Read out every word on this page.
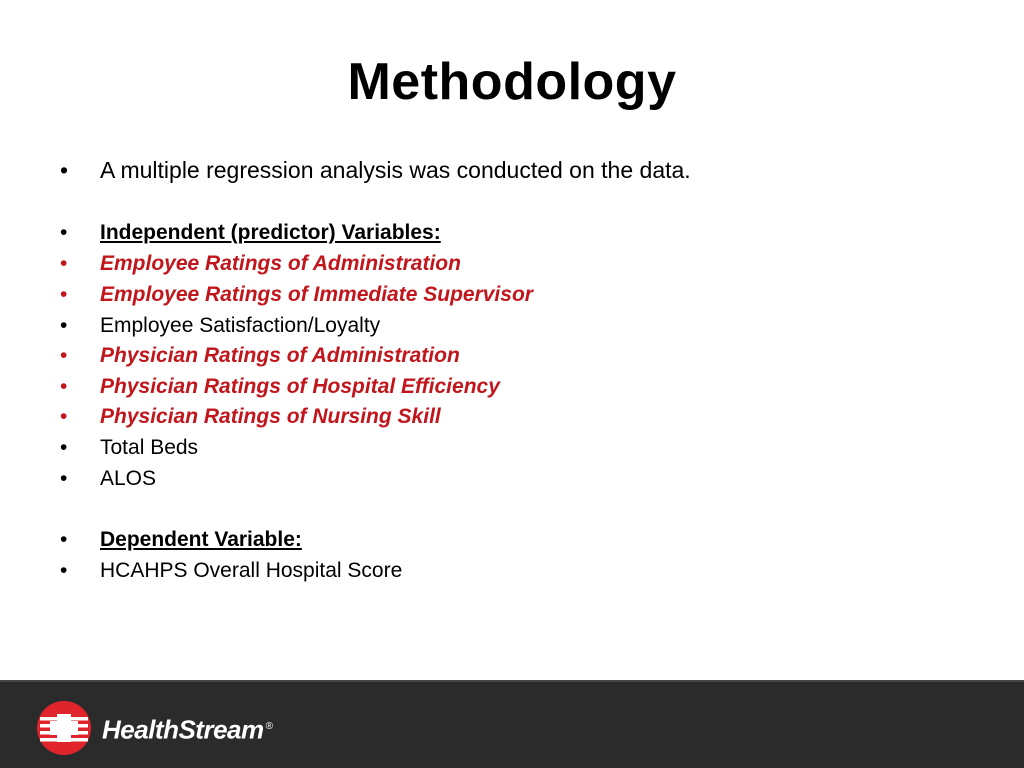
Methodology
•	A multiple regression analysis was conducted on the data.
•	Independent (predictor) Variables:
•	Employee Ratings of Administration
•	Employee Ratings of Immediate Supervisor
•	Employee Satisfaction/Loyalty
•	Physician Ratings of Administration
•	Physician Ratings of Hospital Efficiency
•	Physician Ratings of Nursing Skill
•	Total Beds
•	ALOS
•	Dependent Variable:
•	HCAHPS Overall Hospital Score
HealthStream ®
